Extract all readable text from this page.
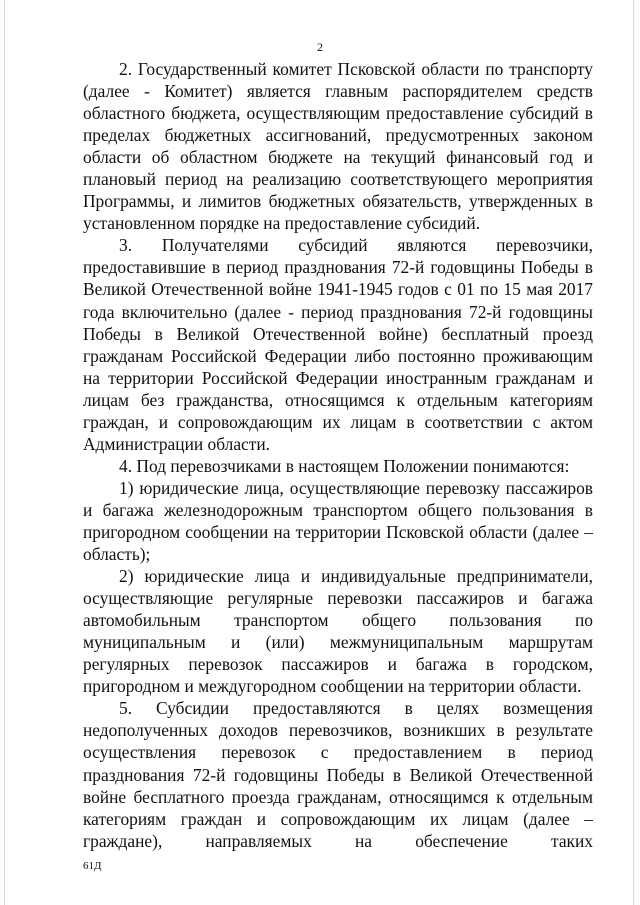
2

2. Государственный комитет Псковской области по транспорту (далее - Комитет) является главным распорядителем средств областного бюджета, осуществляющим предоставление субсидий в пределах бюджетных ассигнований, предусмотренных законом области об областном бюджете на текущий финансовый год и плановый период на реализацию соответствующего мероприятия Программы, и лимитов бюджетных обязательств, утвержденных в установленном порядке на предоставление субсидий.

3. Получателями субсидий являются перевозчики, предоставившие в период празднования 72-й годовщины Победы в Великой Отечественной войне 1941-1945 годов с 01 по 15 мая 2017 года включительно (далее - период празднования 72-й годовщины Победы в Великой Отечественной войне) бесплатный проезд гражданам Российской Федерации либо постоянно проживающим на территории Российской Федерации иностранным гражданам и лицам без гражданства, относящимся к отдельным категориям граждан, и сопровождающим их лицам в соответствии с актом Администрации области.

4. Под перевозчиками в настоящем Положении понимаются:

1) юридические лица, осуществляющие перевозку пассажиров и багажа железнодорожным транспортом общего пользования в пригородном сообщении на территории Псковской области (далее – область);

2) юридические лица и индивидуальные предприниматели, осуществляющие регулярные перевозки пассажиров и багажа автомобильным транспортом общего пользования по муниципальным и (или) межмуниципальным маршрутам регулярных перевозок пассажиров и багажа в городском, пригородном и междугородном сообщении на территории области.

5. Субсидии предоставляются в целях возмещения недополученных доходов перевозчиков, возникших в результате осуществления перевозок с предоставлением в период празднования 72-й годовщины Победы в Великой Отечественной войне бесплатного проезда гражданам, относящимся к отдельным категориям граждан и сопровождающим их лицам (далее – граждане), направляемых на обеспечение таких

61Д
